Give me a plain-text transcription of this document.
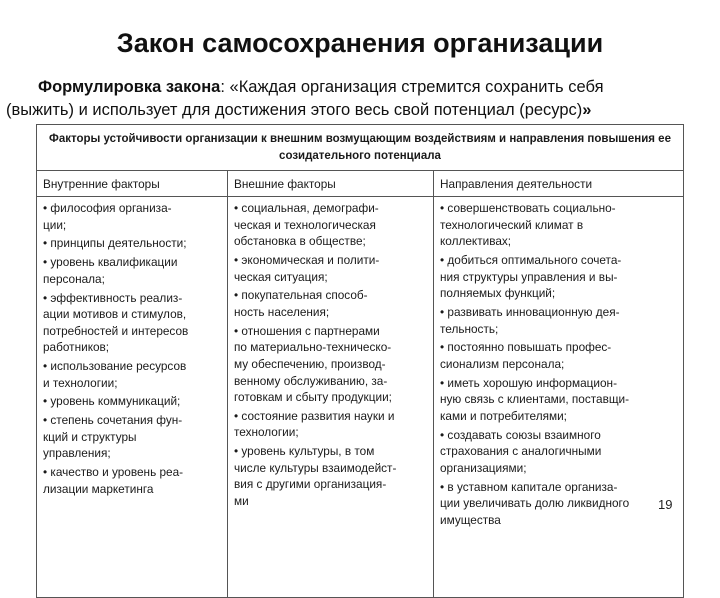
Закон самосохранения организации
Формулировка закона: «Каждая организация стремится сохранить себя
(выжить) и использует для достижения этого весь свой потенциал (ресурс)»
Факторы устойчивости организации к внешним возмущающим воздействиям и направления повышения ее созидательного потенциала
Внутренние факторы	Внешние факторы	Направления деятельности
• философия организа-
ции;
• принципы деятельности;
• уровень квалификации
персонала;
• эффективность реализ-
ации мотивов и стимулов,
потребностей и интересов
работников;
• использование ресурсов
и технологии;
• уровень коммуникаций;
• степень сочетания фун-
кций и структуры
управления;
• качество и уровень реа-
лизации маркетинга
• социальная, демографи-
ческая и технологическая
обстановка в обществе;
• экономическая и полити-
ческая ситуация;
• покупательная способ-
ность населения;
• отношения с партнерами
по материально-техническо-
му обеспечению, производ-
венному обслуживанию, за-
готовкам и сбыту продукции;
• состояние развития науки и
технологии;
• уровень культуры, в том
числе культуры взаимодейст-
вия с другими организация-
ми
• совершенствовать социально-
технологический климат в
коллективах;
• добиться оптимального сочета-
ния структуры управления и вы-
полняемых функций;
• развивать инновационную дея-
тельность;
• постоянно повышать профес-
сионализм персонала;
• иметь хорошую информацион-
ную связь с клиентами, поставщи-
ками и потребителями;
• создавать союзы взаимного
страхования с аналогичными
организациями;
• в уставном капитале организа-
ции увеличивать долю ликвидного
имущества
19
